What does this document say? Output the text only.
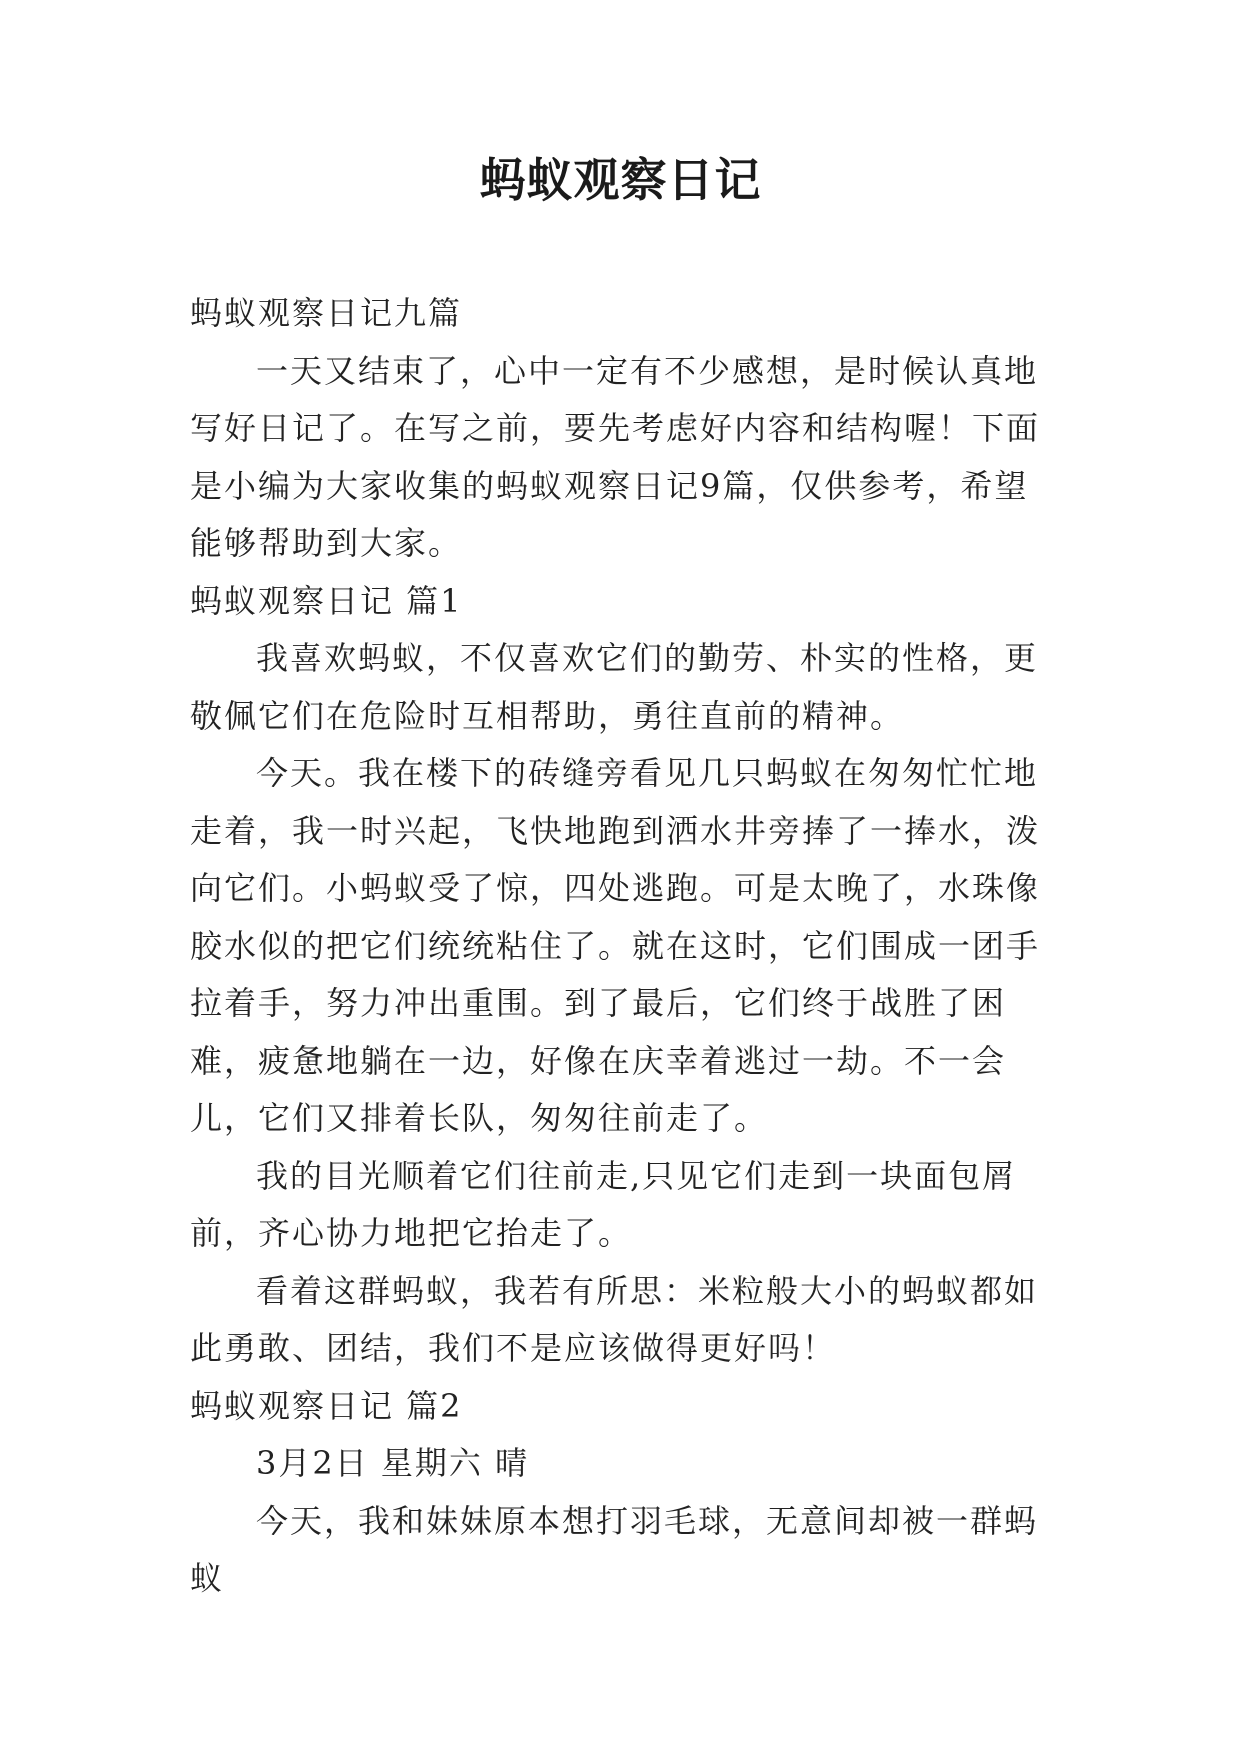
蚂蚁观察日记

蚂蚁观察日记九篇

一天又结束了，心中一定有不少感想，是时候认真地写好日记了。在写之前，要先考虑好内容和结构喔！下面是小编为大家收集的蚂蚁观察日记9篇，仅供参考，希望能够帮助到大家。

蚂蚁观察日记 篇1

我喜欢蚂蚁，不仅喜欢它们的勤劳、朴实的性格，更敬佩它们在危险时互相帮助，勇往直前的精神。

今天。我在楼下的砖缝旁看见几只蚂蚁在匆匆忙忙地走着，我一时兴起，飞快地跑到洒水井旁捧了一捧水，泼向它们。小蚂蚁受了惊，四处逃跑。可是太晚了，水珠像胶水似的把它们统统粘住了。就在这时，它们围成一团手拉着手，努力冲出重围。到了最后，它们终于战胜了困难，疲惫地躺在一边，好像在庆幸着逃过一劫。不一会儿，它们又排着长队，匆匆往前走了。

我的目光顺着它们往前走,只见它们走到一块面包屑前，齐心协力地把它抬走了。

看着这群蚂蚁，我若有所思：米粒般大小的蚂蚁都如此勇敢、团结，我们不是应该做得更好吗！

蚂蚁观察日记 篇2

3月2日 星期六 晴

今天，我和妹妹原本想打羽毛球，无意间却被一群蚂蚁
